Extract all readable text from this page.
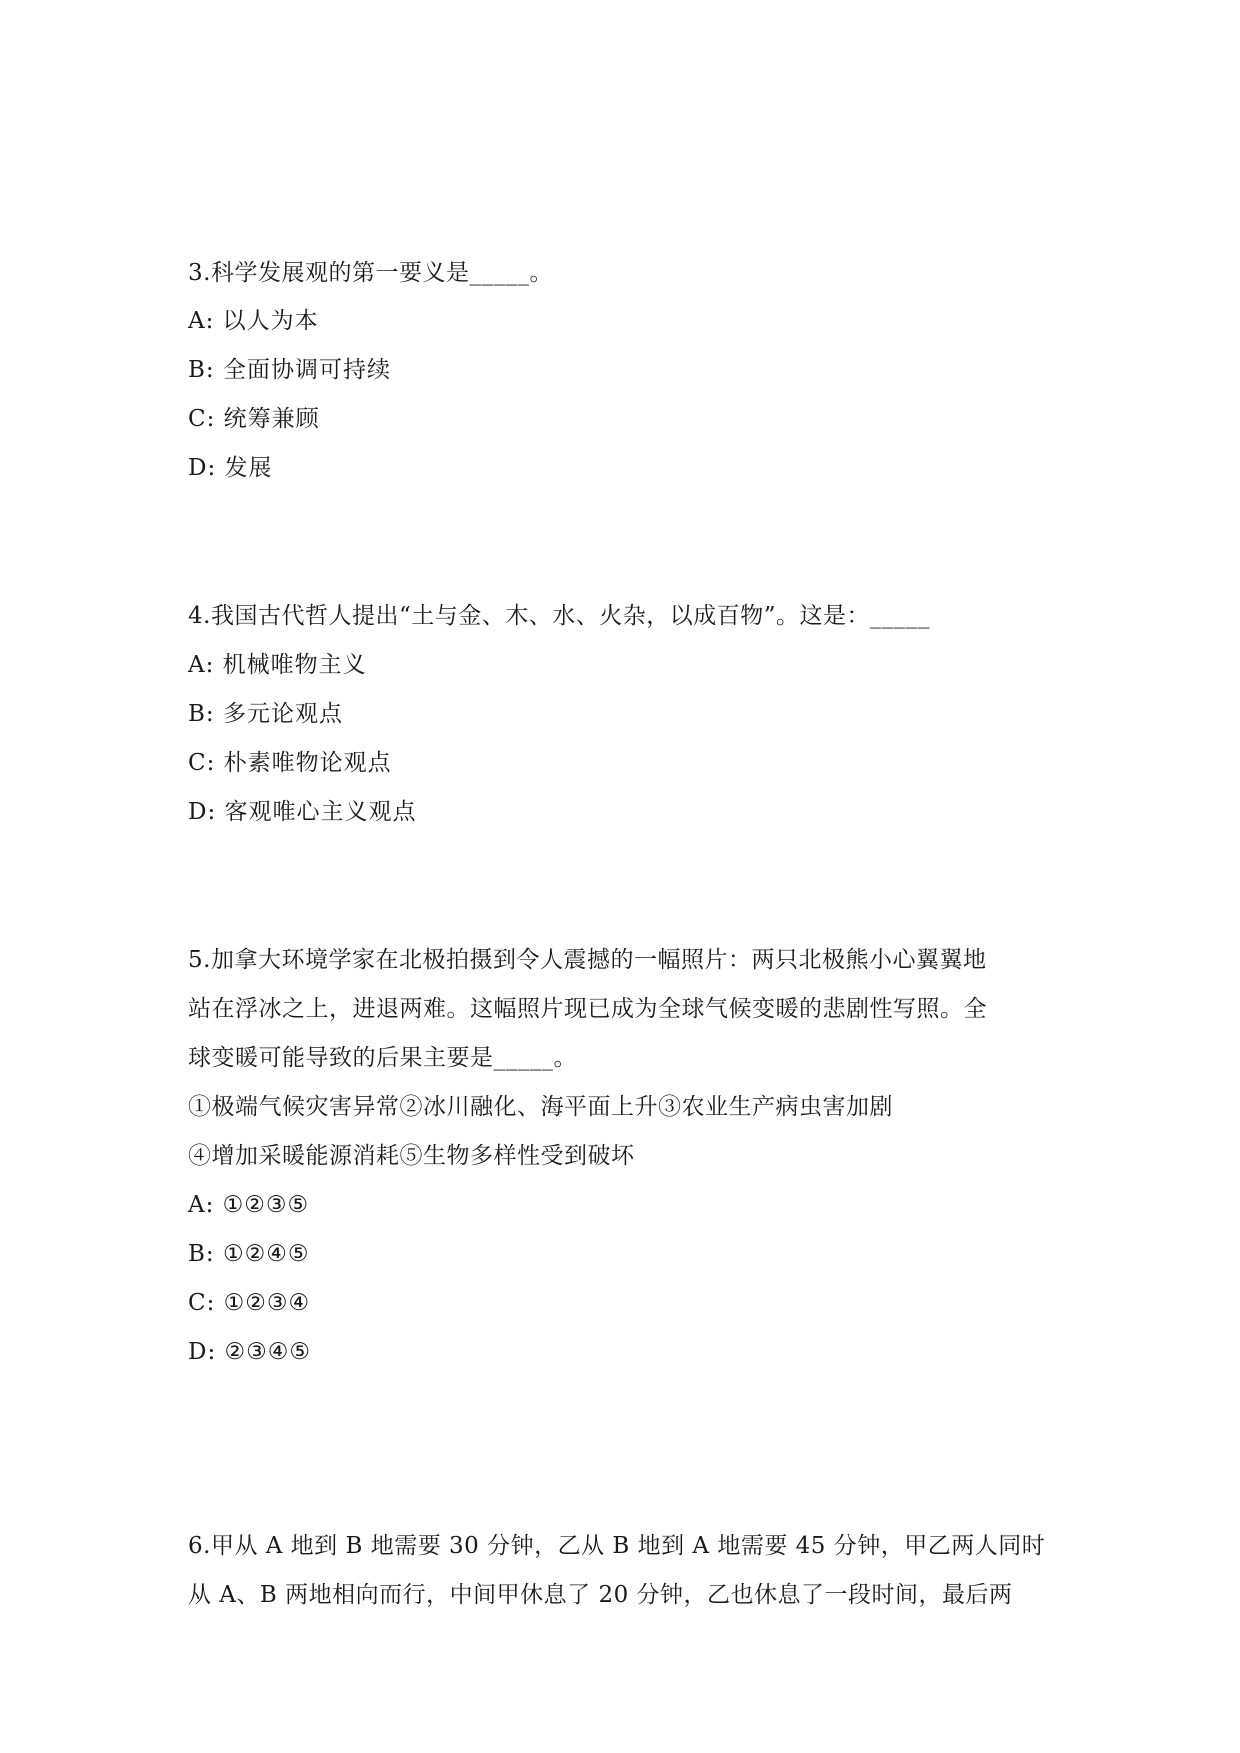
3.科学发展观的第一要义是_____。
A: 以人为本
B: 全面协调可持续
C: 统筹兼顾
D: 发展
4.我国古代哲人提出“土与金、木、水、火杂，以成百物”。这是：_____
A: 机械唯物主义
B: 多元论观点
C: 朴素唯物论观点
D: 客观唯心主义观点
5.加拿大环境学家在北极拍摄到令人震撼的一幅照片：两只北极熊小心翼翼地
站在浮冰之上，进退两难。这幅照片现已成为全球气候变暖的悲剧性写照。全
球变暖可能导致的后果主要是_____。
①极端气候灾害异常②冰川融化、海平面上升③农业生产病虫害加剧
④增加采暖能源消耗⑤生物多样性受到破坏
A: ①②③⑤
B: ①②④⑤
C: ①②③④
D: ②③④⑤
6.甲从 A 地到 B 地需要 30 分钟，乙从 B 地到 A 地需要 45 分钟，甲乙两人同时
从 A、B 两地相向而行，中间甲休息了 20 分钟，乙也休息了一段时间，最后两
